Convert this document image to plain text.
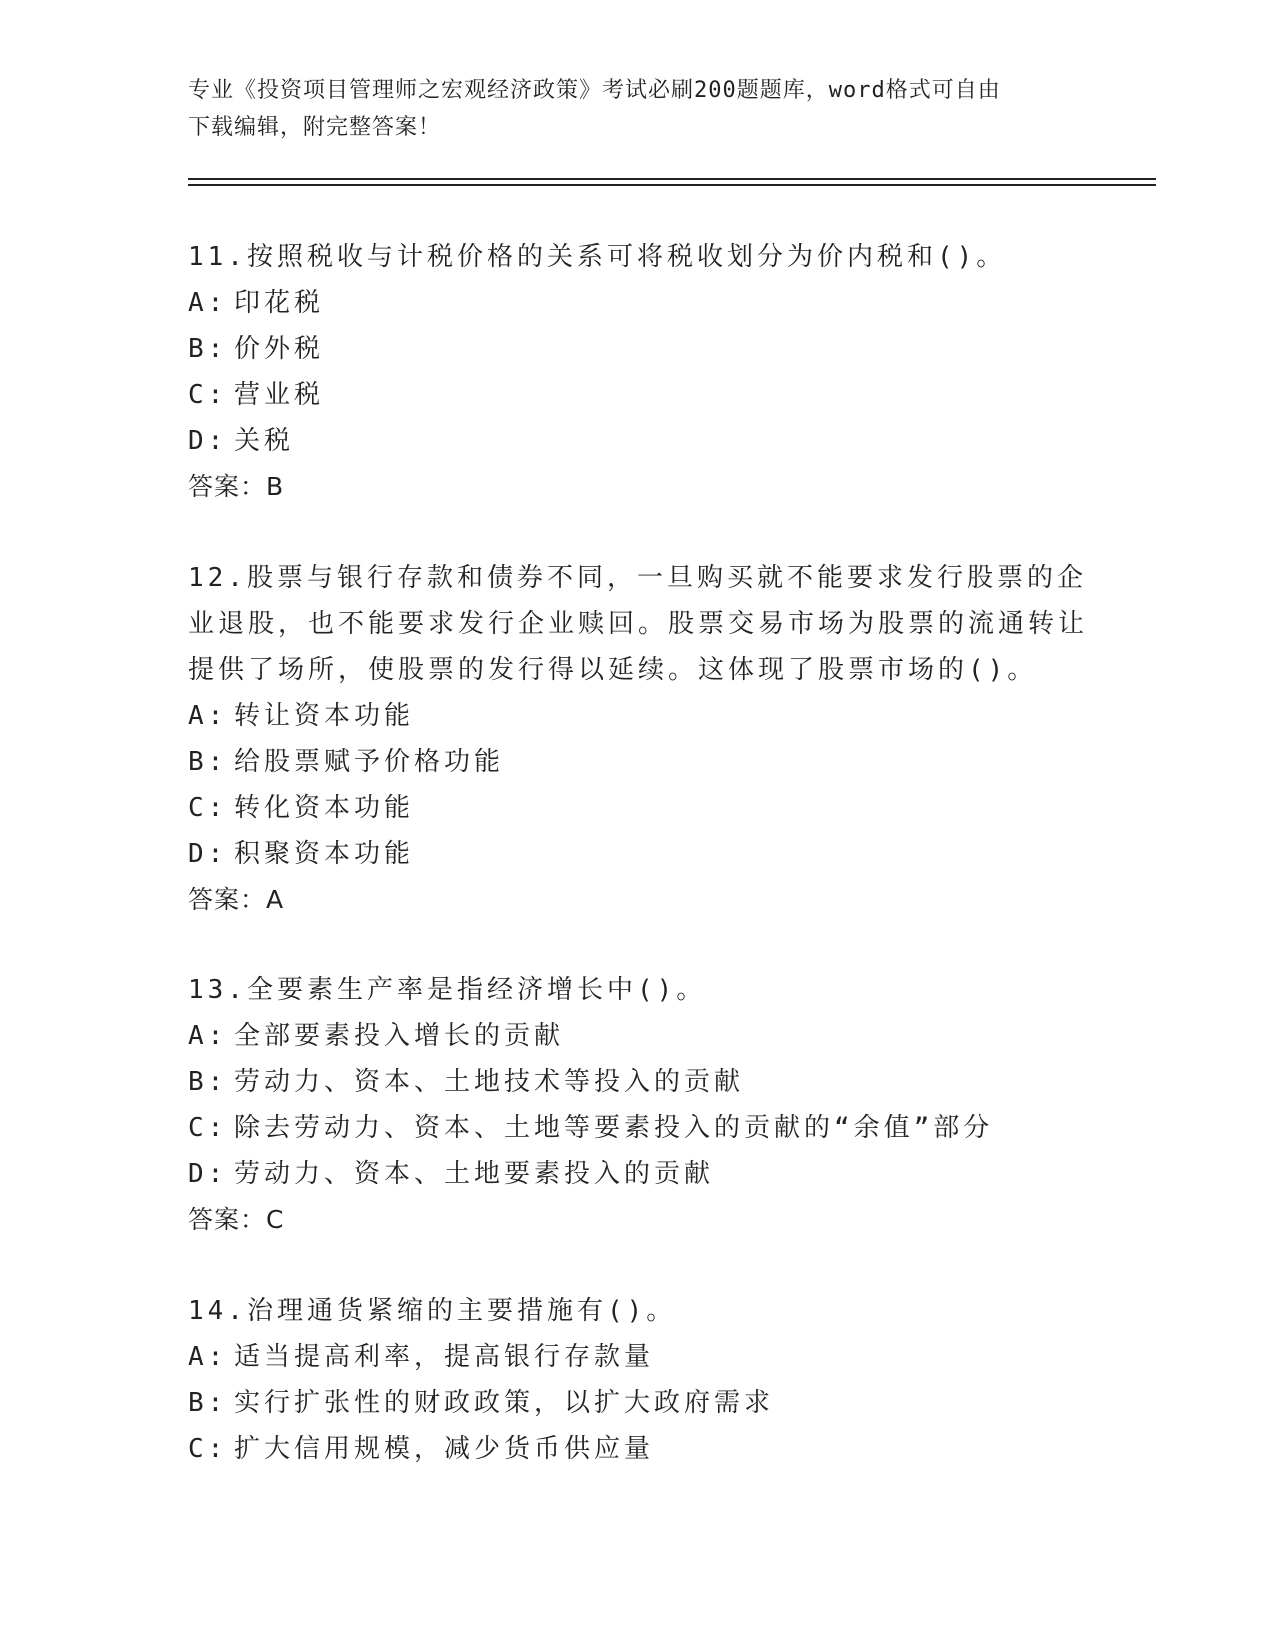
专业《投资项目管理师之宏观经济政策》考试必刷200题题库，word格式可自由
下载编辑，附完整答案！

11.按照税收与计税价格的关系可将税收划分为价内税和()。

A: 印花税
B: 价外税
C: 营业税
D: 关税
答案：B

12.股票与银行存款和债券不同，一旦购买就不能要求发行股票的企业退股，也不能要求发行企业赎回。股票交易市场为股票的流通转让提供了场所，使股票的发行得以延续。这体现了股票市场的()。

A: 转让资本功能
B: 给股票赋予价格功能
C: 转化资本功能
D: 积聚资本功能
答案：A

13.全要素生产率是指经济增长中()。

A: 全部要素投入增长的贡献
B: 劳动力、资本、土地技术等投入的贡献
C: 除去劳动力、资本、土地等要素投入的贡献的“余值”部分
D: 劳动力、资本、土地要素投入的贡献
答案：C

14.治理通货紧缩的主要措施有()。

A: 适当提高利率，提高银行存款量
B: 实行扩张性的财政政策，以扩大政府需求
C: 扩大信用规模，减少货币供应量
